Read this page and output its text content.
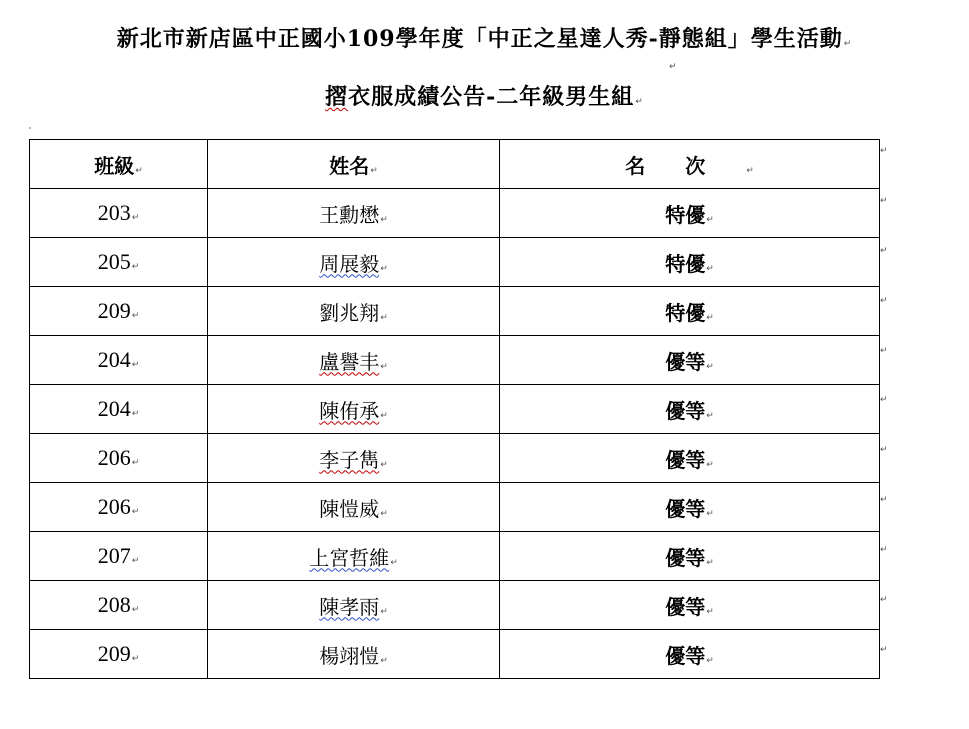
新北市新店區中正國小109學年度「中正之星達人秀-靜態組」學生活動↵
↵
摺衣服成績公告-二年級男生組↵
班級↵	姓名↵	名次↵
203↵	王勳懋↵	特優↵
205↵	周展毅↵	特優↵
209↵	劉兆翔↵	特優↵
204↵	盧譽丰↵	優等↵
204↵	陳侑承↵	優等↵
206↵	李子雋↵	優等↵
206↵	陳愷威↵	優等↵
207↵	上宮哲維↵	優等↵
208↵	陳孝雨↵	優等↵
209↵	楊翊愷↵	優等↵
↵
↵
↵
↵
↵
↵
↵
↵
↵
↵
↵
